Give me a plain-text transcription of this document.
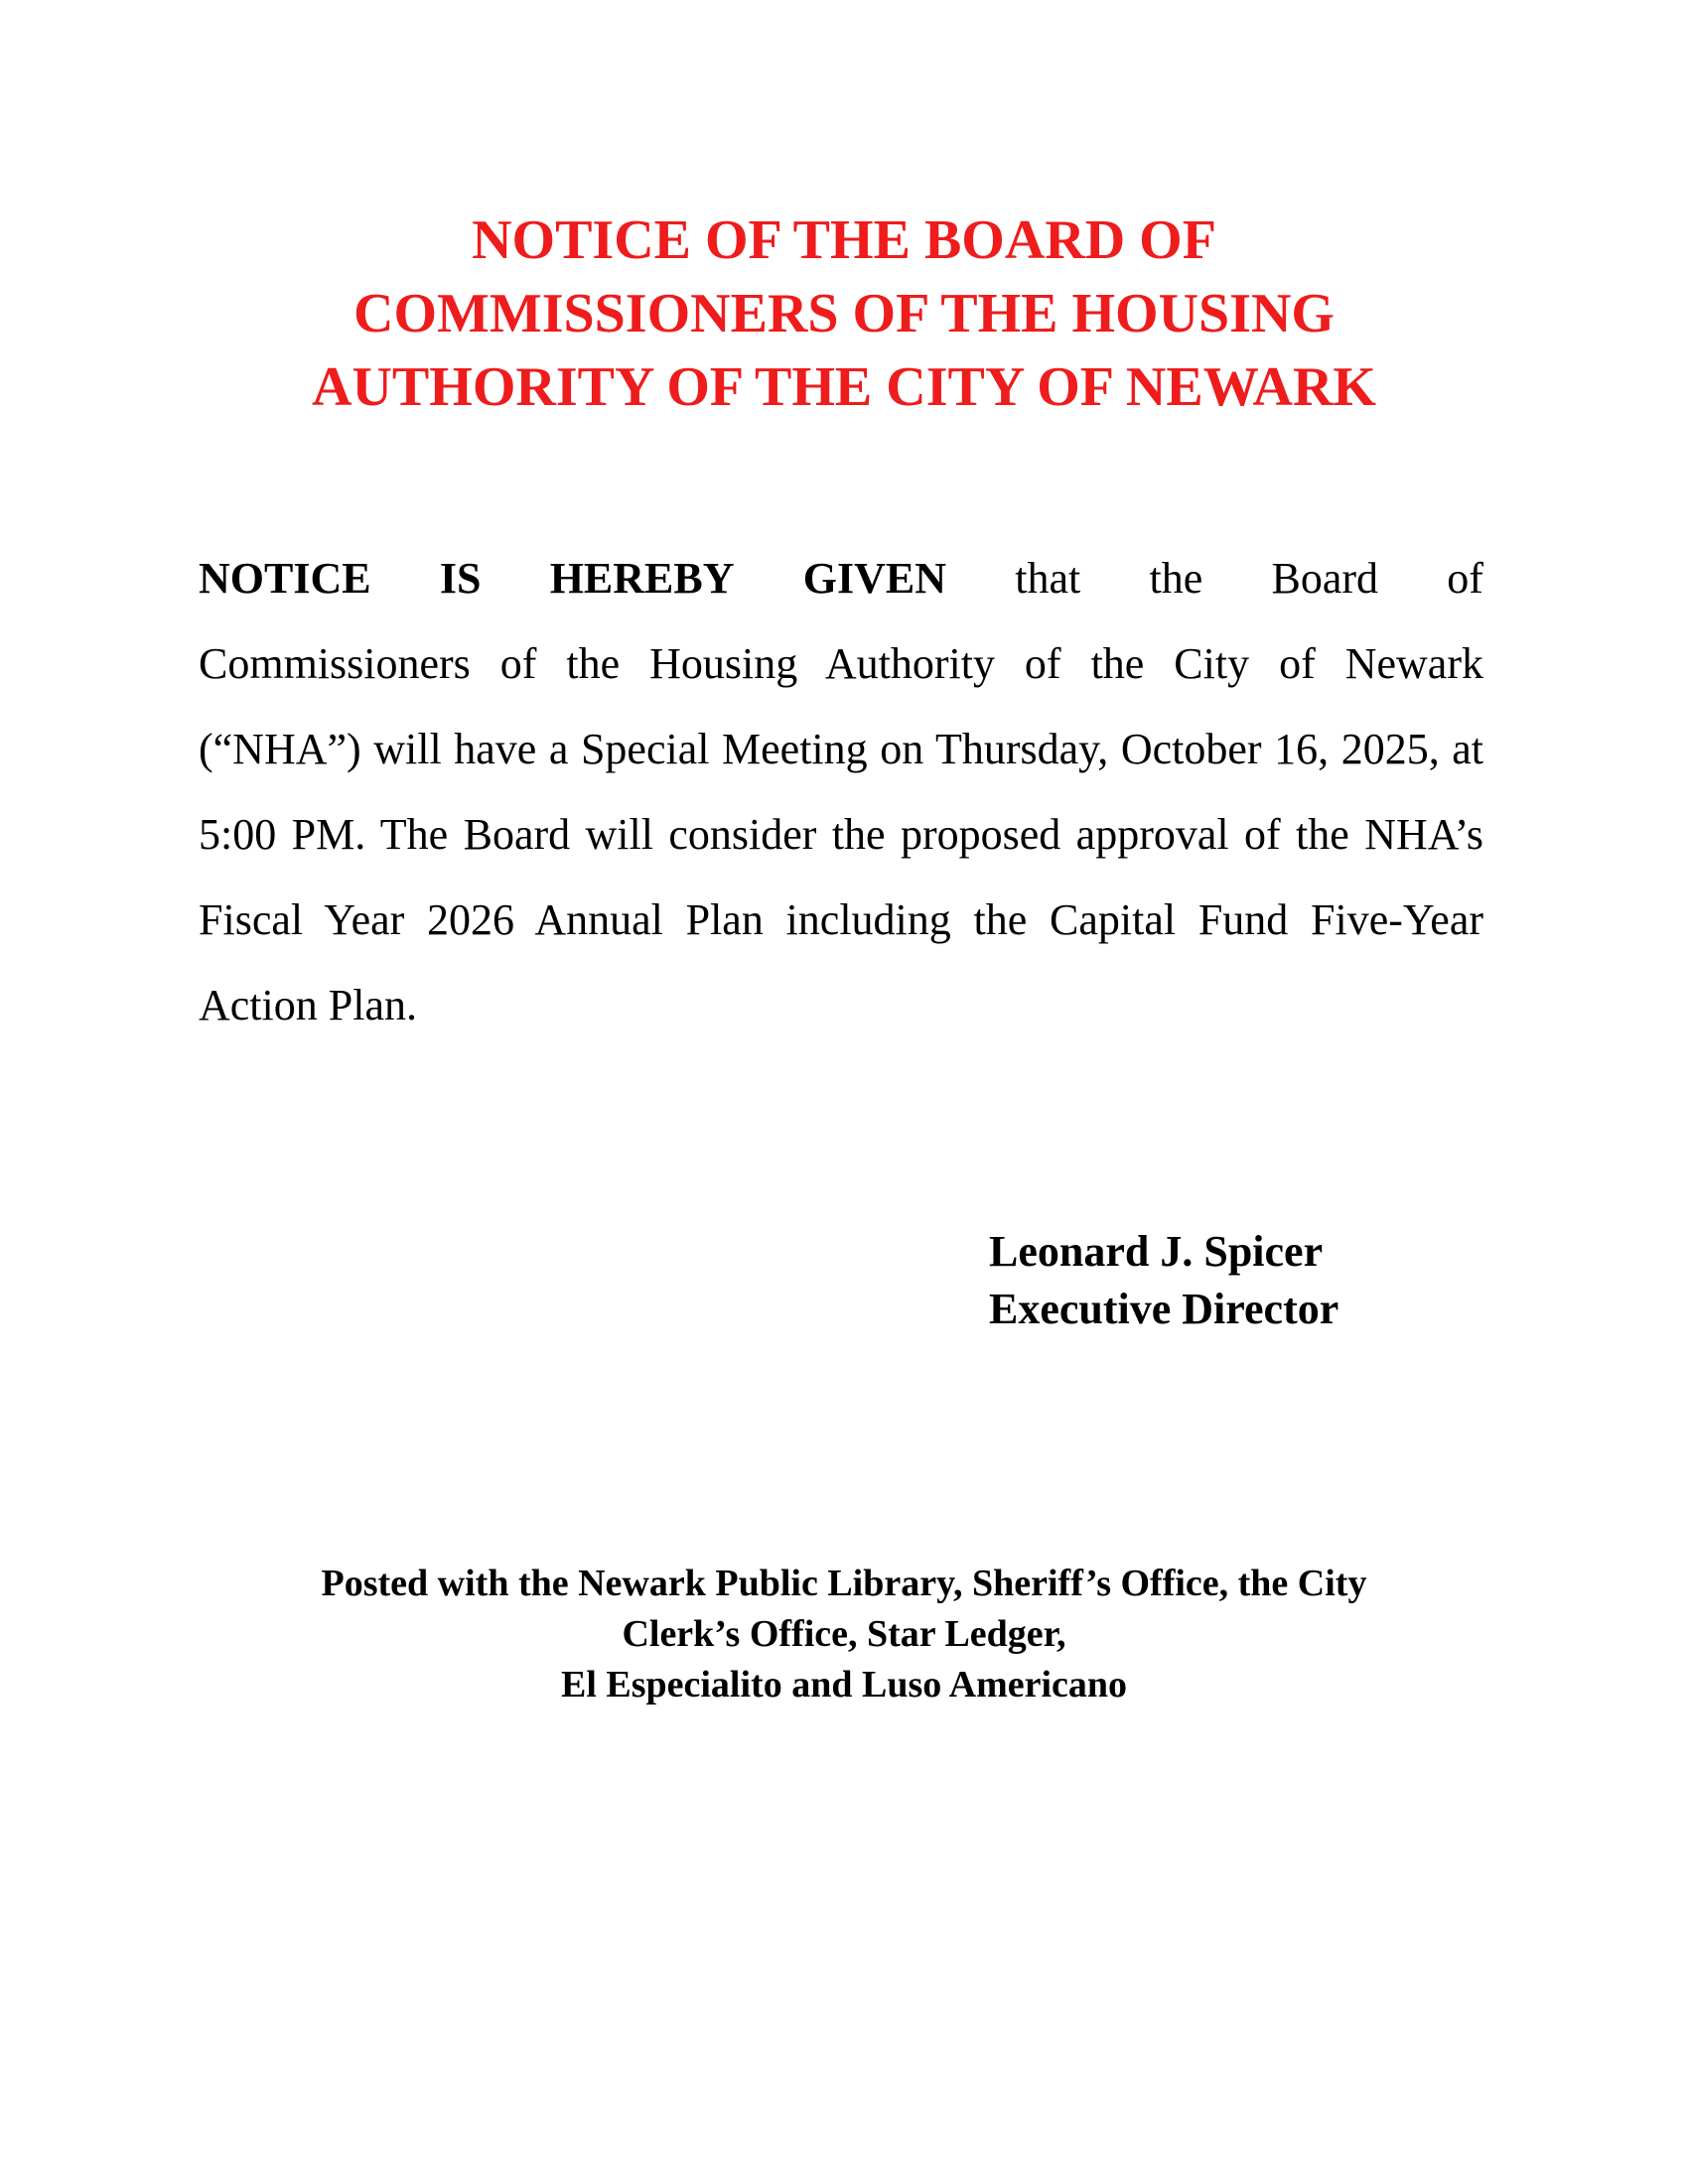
NOTICE OF THE BOARD OF
COMMISSIONERS OF THE HOUSING
AUTHORITY OF THE CITY OF NEWARK
NOTICE IS HEREBY GIVEN that the Board of
Commissioners of the Housing Authority of the City of Newark (“NHA”) will have a Special Meeting on Thursday, October 16, 2025, at 5:00 PM. The Board will consider the proposed approval of the NHA’s Fiscal Year 2026 Annual Plan including the Capital Fund Five-Year Action Plan.
Leonard J. Spicer
Executive Director
Posted with the Newark Public Library, Sheriff’s Office, the City
Clerk’s Office, Star Ledger,
El Especialito and Luso Americano
